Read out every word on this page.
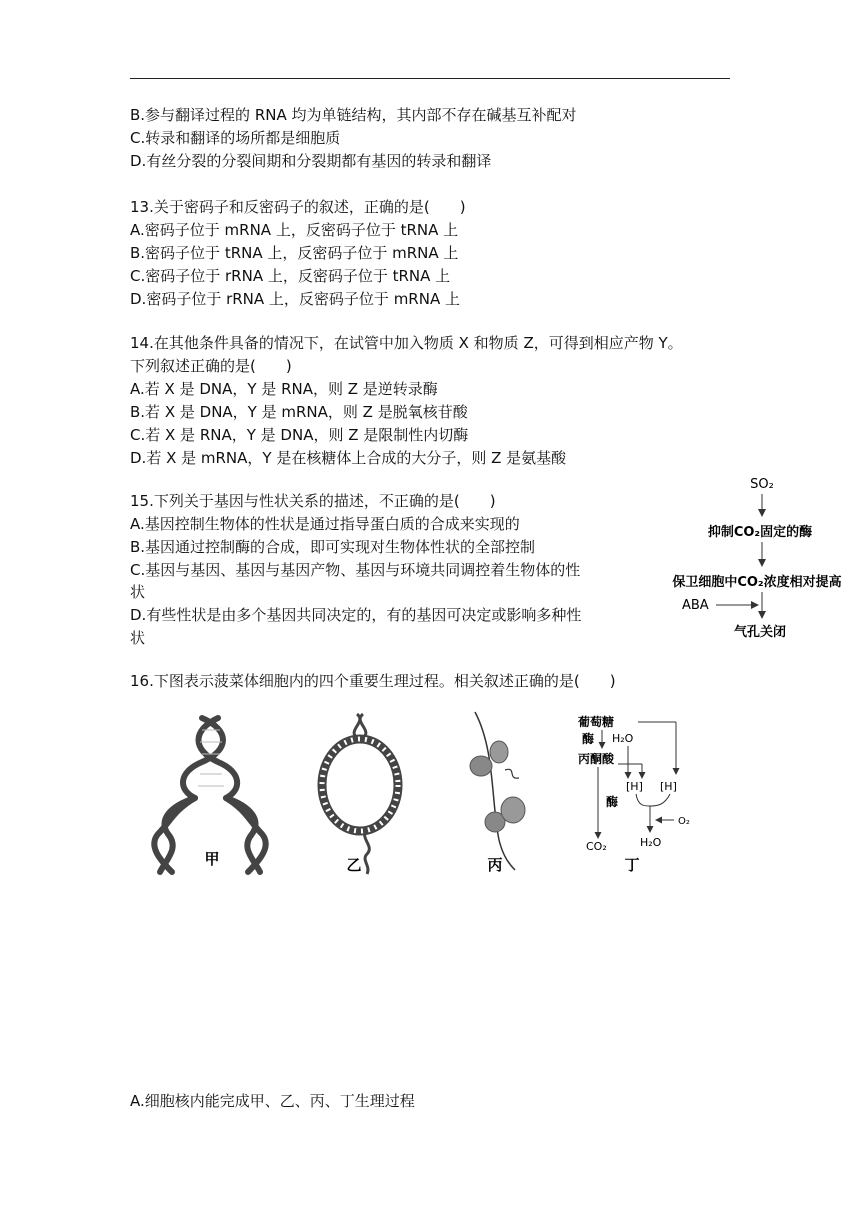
B.参与翻译过程的 RNA 均为单链结构，其内部不存在碱基互补配对
C.转录和翻译的场所都是细胞质
D.有丝分裂的分裂间期和分裂期都有基因的转录和翻译
13.关于密码子和反密码子的叙述，正确的是(　　)
A.密码子位于 mRNA 上，反密码子位于 tRNA 上
B.密码子位于 tRNA 上，反密码子位于 mRNA 上
C.密码子位于 rRNA 上，反密码子位于 tRNA 上
D.密码子位于 rRNA 上，反密码子位于 mRNA 上
14.在其他条件具备的情况下，在试管中加入物质 X 和物质 Z，可得到相应产物 Y。
下列叙述正确的是(　　)
A.若 X 是 DNA，Y 是 RNA，则 Z 是逆转录酶
B.若 X 是 DNA，Y 是 mRNA，则 Z 是脱氧核苷酸
C.若 X 是 RNA，Y 是 DNA，则 Z 是限制性内切酶
D.若 X 是 mRNA，Y 是在核糖体上合成的大分子，则 Z 是氨基酸
15.下列关于基因与性状关系的描述，不正确的是(　　)
A.基因控制生物体的性状是通过指导蛋白质的合成来实现的
B.基因通过控制酶的合成，即可实现对生物体性状的全部控制
C.基因与基因、基因与基因产物、基因与环境共同调控着生物体的性
状
D.有些性状是由多个基因共同决定的，有的基因可决定或影响多种性
状
SO₂
抑制CO₂固定的酶
保卫细胞中CO₂浓度相对提高
ABA
气孔关闭
16.下图表示菠菜体细胞内的四个重要生理过程。相关叙述正确的是(　　)
甲	乙	丙
葡萄糖
酶 H₂O
丙酮酸
酶
[H] [H]
O₂
CO₂	H₂O
丁
A.细胞核内能完成甲、乙、丙、丁生理过程
